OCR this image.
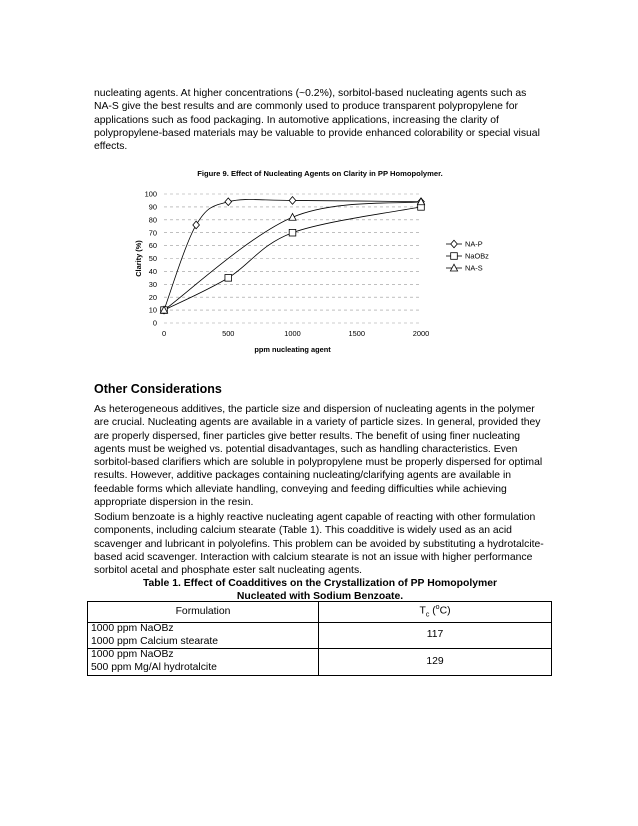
nucleating agents. At higher concentrations (~0.2%), sorbitol-based nucleating agents such as NA-S give the best results and are commonly used to produce transparent polypropylene for applications such as food packaging. In automotive applications, increasing the clarity of polypropylene-based materials may be valuable to provide enhanced colorability or special visual effects.

Figure 9. Effect of Nucleating Agents on Clarity in PP Homopolymer.

0
10
20
30
40
50
60
70
80
90
100
0	500	1000	1500	2000
ppm nucleating agent
Clarity (%)	NA-P
NaOBz
NA-S
Other Considerations

As heterogeneous additives, the particle size and dispersion of nucleating agents in the polymer are crucial. Nucleating agents are available in a variety of particle sizes. In general, provided they are properly dispersed, finer particles give better results. The benefit of using finer nucleating agents must be weighed vs. potential disadvantages, such as handling characteristics. Even sorbitol-based clarifiers which are soluble in polypropylene must be properly dispersed for optimal results. However, additive packages containing nucleating/clarifying agents are available in feedable forms which alleviate handling, conveying and feeding difficulties while achieving appropriate dispersion in the resin.

Sodium benzoate is a highly reactive nucleating agent capable of reacting with other formulation components, including calcium stearate (Table 1). This coadditive is widely used as an acid scavenger and lubricant in polyolefins. This problem can be avoided by substituting a hydrotalcite-based acid scavenger. Interaction with calcium stearate is not an issue with higher performance sorbitol acetal and phosphate ester salt nucleating agents.

Table 1. Effect of Coadditives on the Crystallization of PP Homopolymer
Nucleated with Sodium Benzoate.
Formulation	$T_c$ ($^o$C)

1000 ppm NaOBz
1000 ppm Calcium stearate	117

1000 ppm NaOBz
500 ppm Mg/Al hydrotalcite	129
